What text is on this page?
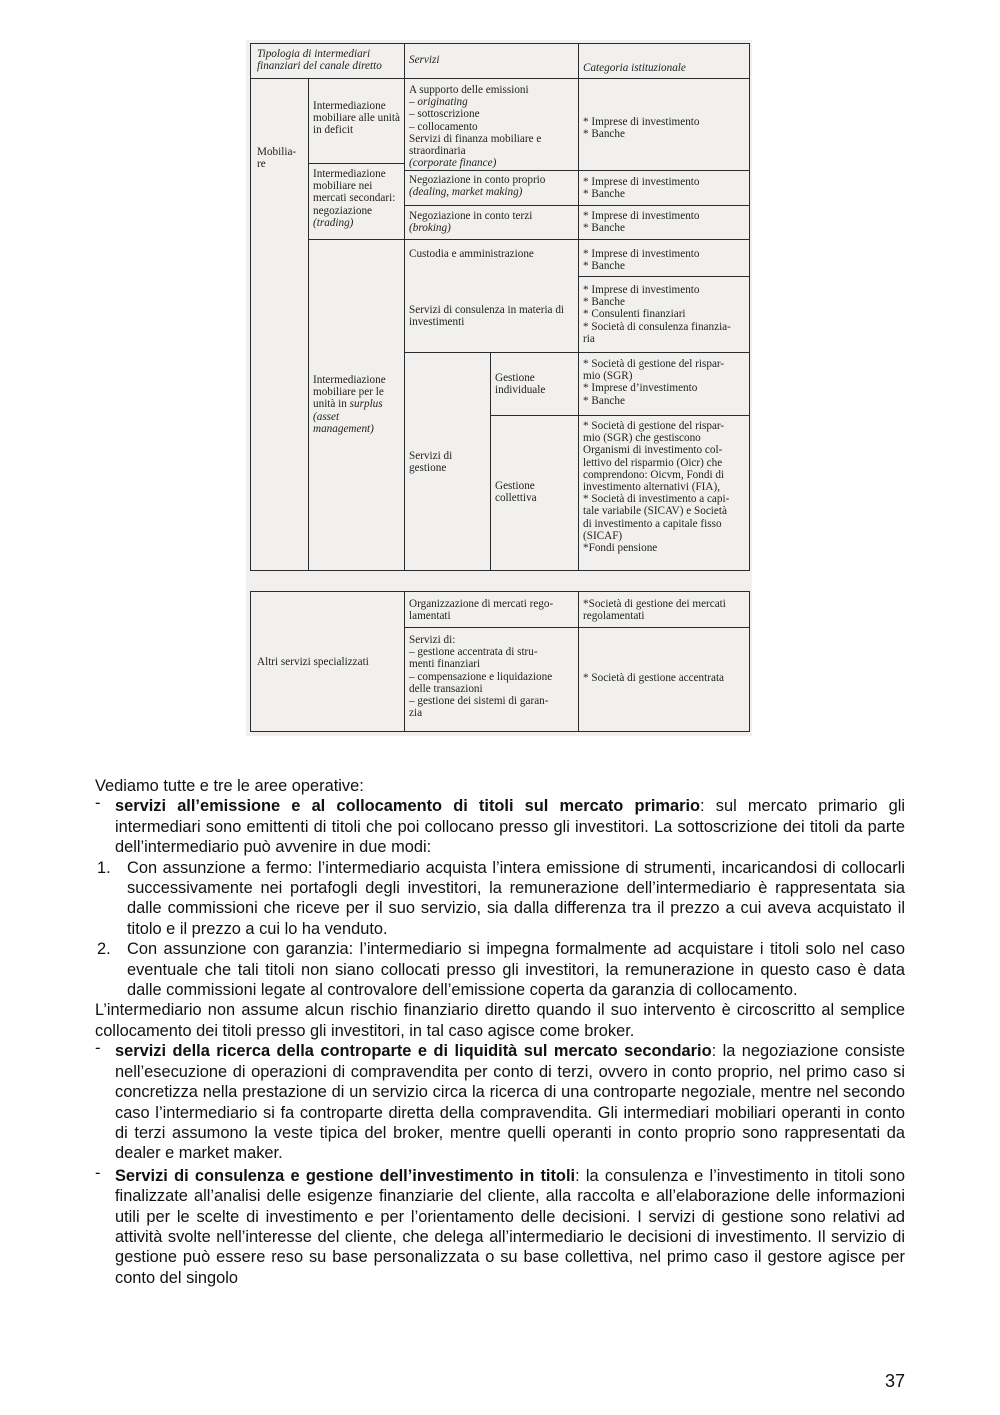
Tipologia di intermediari finanziari del canale diretto
Servizi
Categoria istituzionale
Mobilia-
re
Intermediazione mobiliare alle unità in deficit
Intermediazione mobiliare nei mercati secondari: negoziazione (trading)
Intermediazione mobiliare per le unità in surplus (asset management)
A supporto delle emissioni
– originating
– sottoscrizione
– collocamento
Servizi di finanza mobiliare e straordinaria
(corporate finance)
Negoziazione in conto proprio
(dealing, market making)
Negoziazione in conto terzi
(broking)
Custodia e amministrazione
Servizi di consulenza in materia di investimenti
Servizi di gestione
Gestione individuale
Gestione collettiva
* Imprese di investimento
* Banche
* Imprese di investimento
* Banche
* Imprese di investimento
* Banche
* Imprese di investimento
* Banche
* Imprese di investimento
* Banche
* Consulenti finanziari
* Società di consulenza finanzia-
ria
* Società di gestione del rispar-
mio (SGR)
* Imprese d’investimento
* Banche
* Società di gestione del rispar-
mio (SGR) che gestiscono
Organismi di investimento col-
lettivo del risparmio (Oicr) che
comprendono: Oicvm, Fondi di
investimento alternativi (FIA),
* Società di investimento a capi-
tale variabile (SICAV) e Società
di investimento a capitale fisso
(SICAF)
*Fondi pensione
Altri servizi specializzati
Organizzazione di mercati rego-
lamentati
*Società di gestione dei mercati
regolamentati
Servizi di:
– gestione accentrata di stru-
menti finanziari
– compensazione e liquidazione
delle transazioni
– gestione dei sistemi di garan-
zia
* Società di gestione accentrata

Vediamo tutte e tre le aree operative:

- servizi all’emissione e al collocamento di titoli sul mercato primario: sul mercato primario gli intermediari sono emittenti di titoli che poi collocano presso gli investitori. La sottoscrizione dei titoli da parte dell’intermediario può avvenire in due modi:

1. Con assunzione a fermo: l’intermediario acquista l’intera emissione di strumenti, incaricandosi di collocarli successivamente nei portafogli degli investitori, la remunerazione dell’intermediario è rappresentata sia dalle commissioni che riceve per il suo servizio, sia dalla differenza tra il prezzo a cui aveva acquistato il titolo e il prezzo a cui lo ha venduto.

2. Con assunzione con garanzia: l’intermediario si impegna formalmente ad acquistare i titoli solo nel caso eventuale che tali titoli non siano collocati presso gli investitori, la remunerazione in questo caso è data dalle commissioni legate al controvalore dell’emissione coperta da garanzia di collocamento.

L’intermediario non assume alcun rischio finanziario diretto quando il suo intervento è circoscritto al semplice collocamento dei titoli presso gli investitori, in tal caso agisce come broker.

- servizi della ricerca della controparte e di liquidità sul mercato secondario: la negoziazione consiste nell’esecuzione di operazioni di compravendita per conto di terzi, ovvero in conto proprio, nel primo caso si concretizza nella prestazione di un servizio circa la ricerca di una controparte negoziale, mentre nel secondo caso l’intermediario si fa controparte diretta della compravendita. Gli intermediari mobiliari operanti in conto di terzi assumono la veste tipica del broker, mentre quelli operanti in conto proprio sono rappresentati da dealer e market maker.

- Servizi di consulenza e gestione dell’investimento in titoli: la consulenza e l’investimento in titoli sono finalizzate all’analisi delle esigenze finanziarie del cliente, alla raccolta e all’elaborazione delle informazioni utili per le scelte di investimento e per l’orientamento delle decisioni. I servizi di gestione sono relativi ad attività svolte nell’interesse del cliente, che delega all’intermediario le decisioni di investimento. Il servizio di gestione può essere reso su base personalizzata o su base collettiva, nel primo caso il gestore agisce per conto del singolo

37
